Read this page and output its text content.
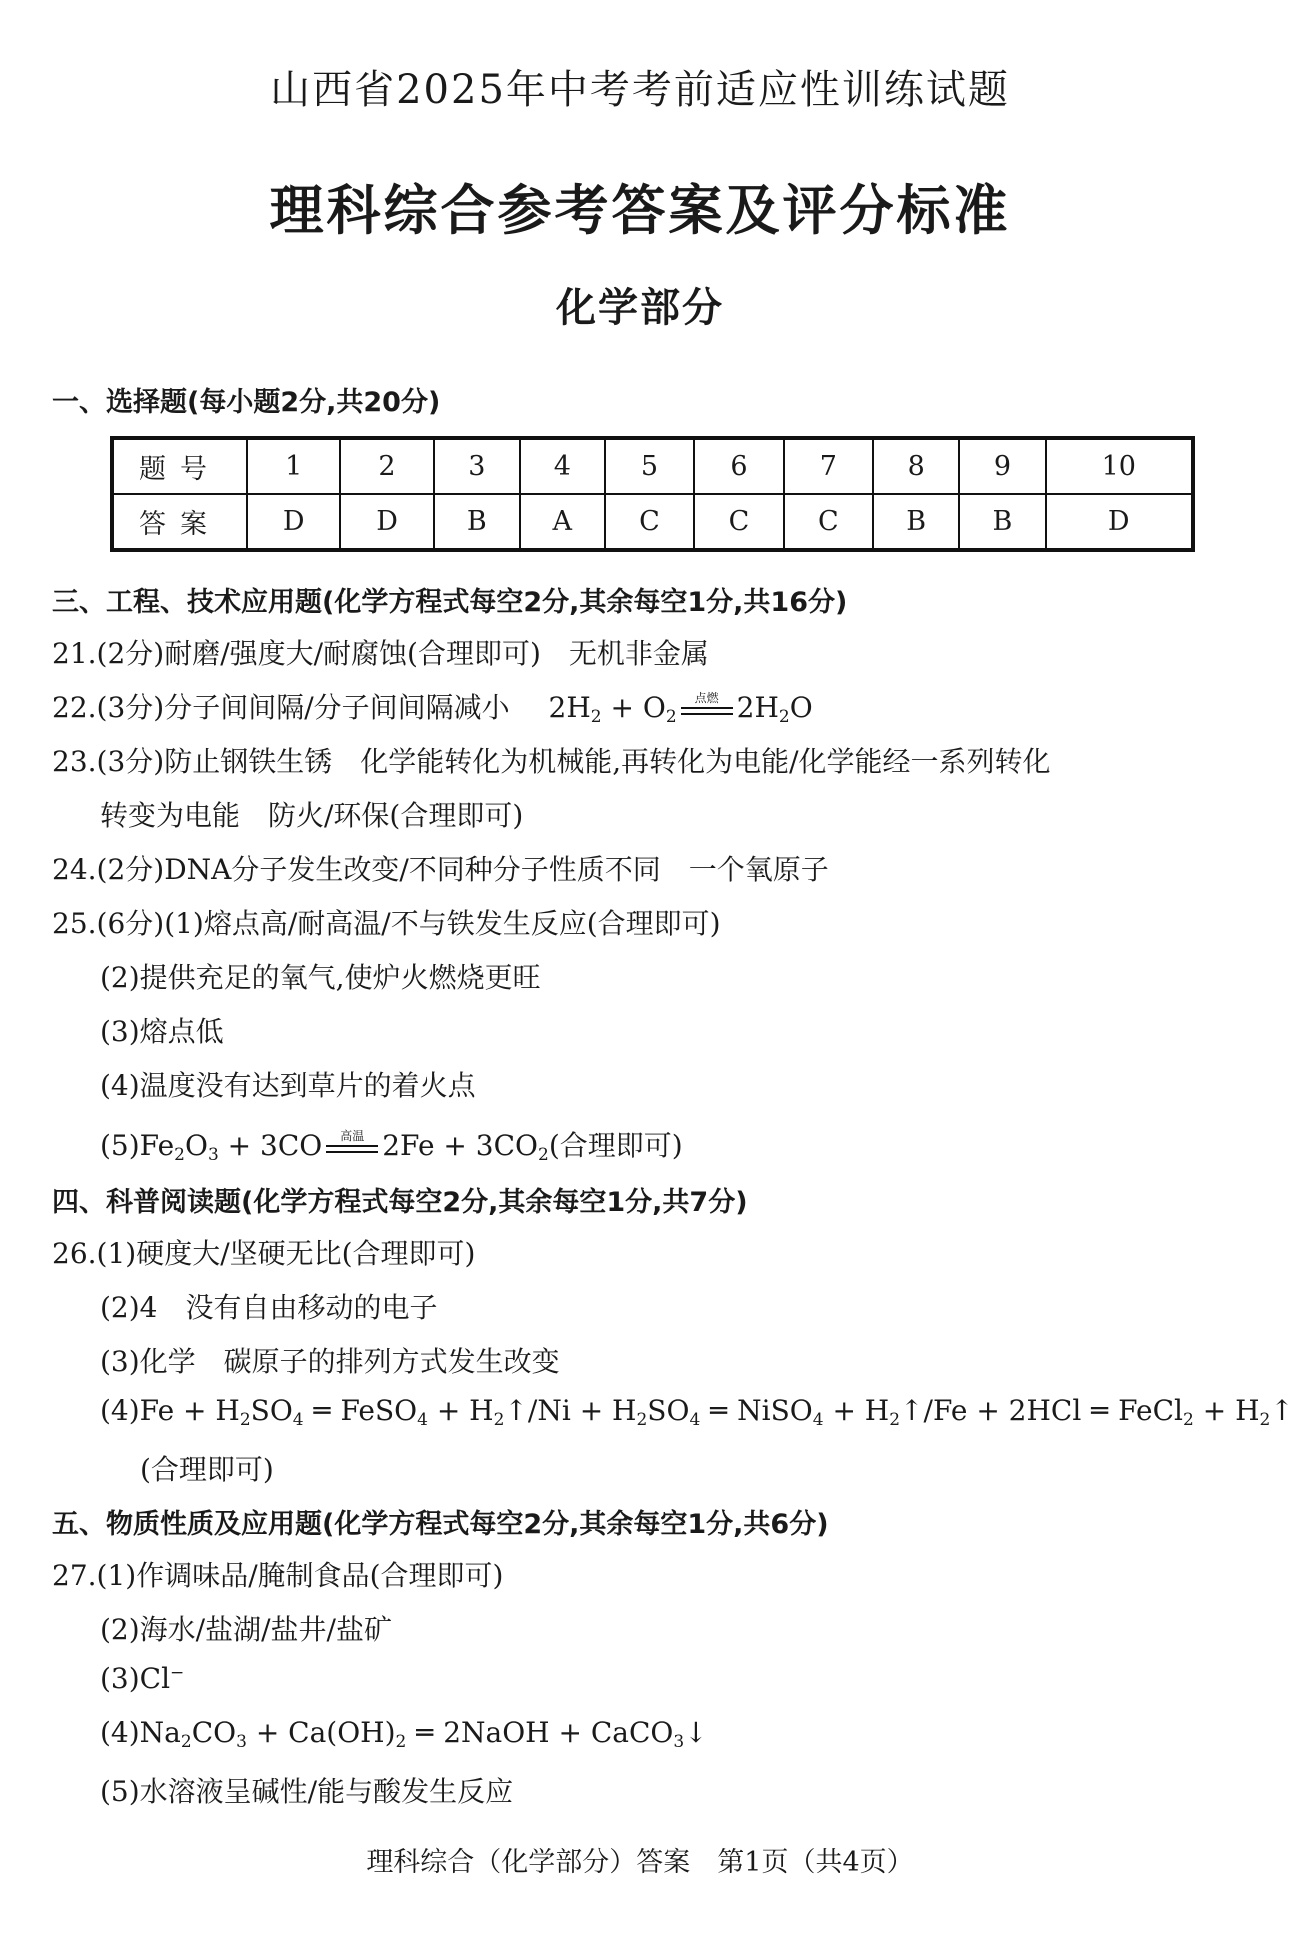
山西省2025年中考考前适应性训练试题
理科综合参考答案及评分标准
化学部分
一、选择题(每小题2分,共20分)
题号	1	2	3	4	5	6	7	8	9	10
答案	D	D	B	A	C	C	C	B	B	D
三、工程、技术应用题(化学方程式每空2分,其余每空1分,共16分)
21.(2分)耐磨/强度大/耐腐蚀(合理即可)　无机非金属
22.(3分)分子间间隔/分子间间隔减小 $2H_2 + O_2$
点燃 $2H_2O$
23.(3分)防止钢铁生锈　化学能转化为机械能,再转化为电能/化学能经一系列转化
转变为电能　防火/环保(合理即可)
24.(2分)DNA分子发生改变/不同种分子性质不同　一个氧原子
25.(6分)(1)熔点高/耐高温/不与铁发生反应(合理即可)
(2)提供充足的氧气,使炉火燃烧更旺
(3)熔点低
(4)温度没有达到草片的着火点
$(5)Fe_2O_3 + 3CO$	高温 $2Fe + 3CO_2$(合理即可)
四、科普阅读题(化学方程式每空2分,其余每空1分,共7分)
26.(1)硬度大/坚硬无比(合理即可)
(2)4　没有自由移动的电子
(3)化学　碳原子的排列方式发生改变
$(4)Fe + H_2SO_4$ ═ FeSO$_4$ + $H_2↑/Ni + H_2SO_4$ ═ NiSO$_4$ + $H_2↑/Fe + 2HCl$ ═ FeCl$_2$ + $H_2↑$
(合理即可)
五、物质性质及应用题(化学方程式每空2分,其余每空1分,共6分)
27.(1)作调味品/腌制食品(合理即可)
(2)海水/盐湖/盐井/盐矿
(3)Cl−
$(4)Na_2CO_3 + Ca(OH)_2$ ═ 2NaOH + CaCO$_3$↓
(5)水溶液呈碱性/能与酸发生反应
理科综合（化学部分）答案　第1页（共4页）
